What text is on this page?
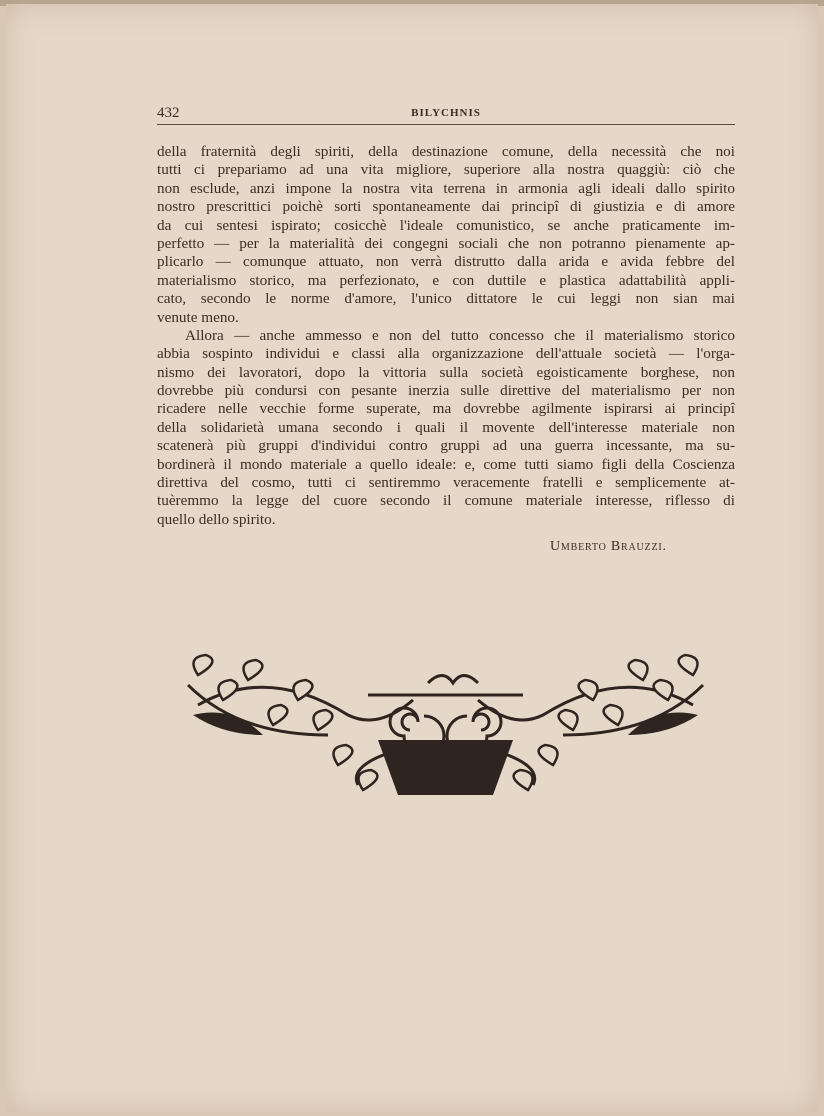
432	BILYCHNIS
della fraternità degli spiriti, della destinazione comune, della necessità che noi
tutti ci prepariamo ad una vita migliore, superiore alla nostra quaggiù: ciò che
non esclude, anzi impone la nostra vita terrena in armonia agli ideali dallo spirito
nostro prescrittici poichè sorti spontaneamente dai principî di giustizia e di amore
da cui sentesi ispirato; cosicchè l'ideale comunistico, se anche praticamente im-
perfetto — per la materialità dei congegni sociali che non potranno pienamente ap-
plicarlo — comunque attuato, non verrà distrutto dalla arida e avida febbre del
materialismo storico, ma perfezionato, e con duttile e plastica adattabilità appli-
cato, secondo le norme d'amore, l'unico dittatore le cui leggi non sian mai
venute meno.
Allora — anche ammesso e non del tutto concesso che il materialismo storico
abbia sospinto individui e classi alla organizzazione dell'attuale società — l'orga-
nismo dei lavoratori, dopo la vittoria sulla società egoisticamente borghese, non
dovrebbe più condursi con pesante inerzia sulle direttive del materialismo per non
ricadere nelle vecchie forme superate, ma dovrebbe agilmente ispirarsi ai principî
della solidarietà umana secondo i quali il movente dell'interesse materiale non
scatenerà più gruppi d'individui contro gruppi ad una guerra incessante, ma su-
bordinerà il mondo materiale a quello ideale: e, come tutti siamo figli della Coscienza
direttiva del cosmo, tutti ci sentiremmo veracemente fratelli e semplicemente at-
tuèremmo la legge del cuore secondo il comune materiale interesse, riflesso di
quello dello spirito.
Umberto Brauzzi.
